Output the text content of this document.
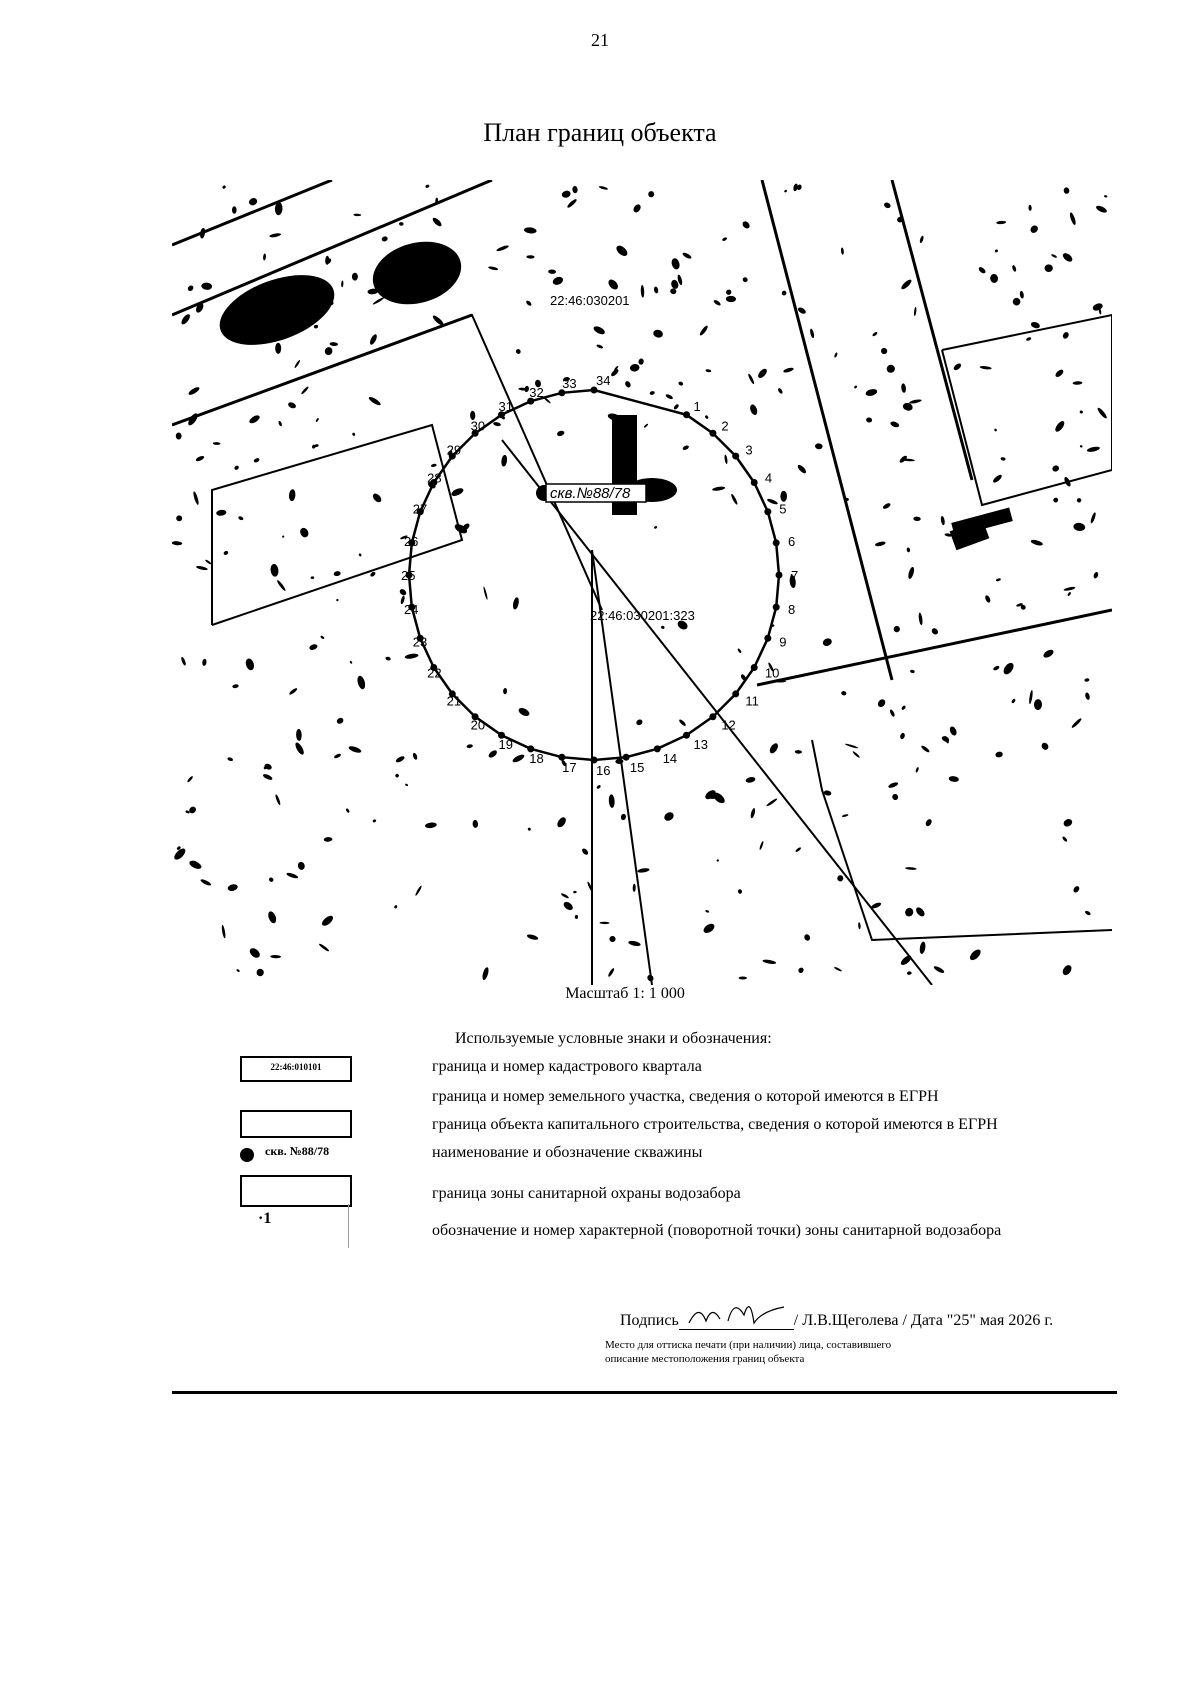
21
План границ объекта
1
2
3
4
5
6
7
8
9
10
11
12
13
14
15
16
17
18
19
20
21
22
23
24
25
26
27
28
29
30
31
32
33 34
скв.№88/78
22:46:030201
22:46:030201:323
Масштаб 1: 1 000
Используемые условные знаки и обозначения:
22:46:010101	граница и номер кадастрового квартала
граница и номер земельного участка, сведения о которой имеются в ЕГРН
граница объекта капитального строительства, сведения о которой имеются в ЕГРН
скв. №88/78	наименование и обозначение скважины
граница зоны санитарной охраны водозабора
·1
обозначение и номер характерной (поворотной точки) зоны санитарной водозабора
Подпись	/ Л.В.Щеголева / Дата "25" мая 2026 г.
Место для оттиска печати (при наличии) лица, составившего
описание местоположения границ объекта
